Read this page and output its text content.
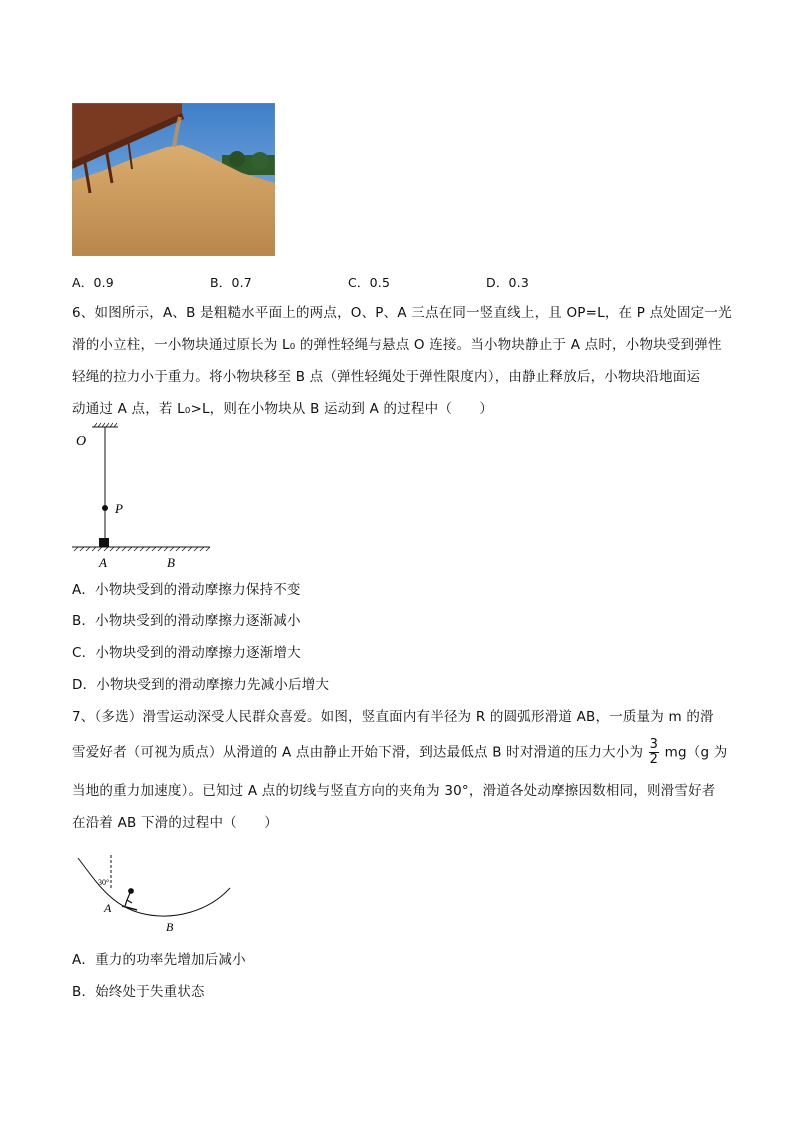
A．0.9	B．0.7	C．0.5	D．0.3
6、如图所示，A、B 是粗糙水平面上的两点，O、P、A 三点在同一竖直线上，且 OP=L，在 P 点处固定一光
滑的小立柱，一小物块通过原长为 L₀ 的弹性轻绳与悬点 O 连接。当小物块静止于 A 点时，小物块受到弹性
轻绳的拉力小于重力。将小物块移至 B 点（弹性轻绳处于弹性限度内），由静止释放后，小物块沿地面运
动通过 A 点，若 L₀>L，则在小物块从 B 运动到 A 的过程中（　　）
O
P
A	B
A．小物块受到的滑动摩擦力保持不变
B．小物块受到的滑动摩擦力逐渐减小
C．小物块受到的滑动摩擦力逐渐增大
D．小物块受到的滑动摩擦力先减小后增大
7、（多选）滑雪运动深受人民群众喜爱。如图，竖直面内有半径为 R 的圆弧形滑道 AB，一质量为 m 的滑
雪爱好者（可视为质点）从滑道的 A 点由静止开始下滑，到达最低点 B 时对滑道的压力大小为 $\frac{3}{2} mg(g$ 为
当地的重力加速度）。已知过 A 点的切线与竖直方向的夹角为 30°，滑道各处动摩擦因数相同，则滑雪好者
在沿着 AB 下滑的过程中（　　）
30°
A
B
A．重力的功率先增加后减小
B．始终处于失重状态
